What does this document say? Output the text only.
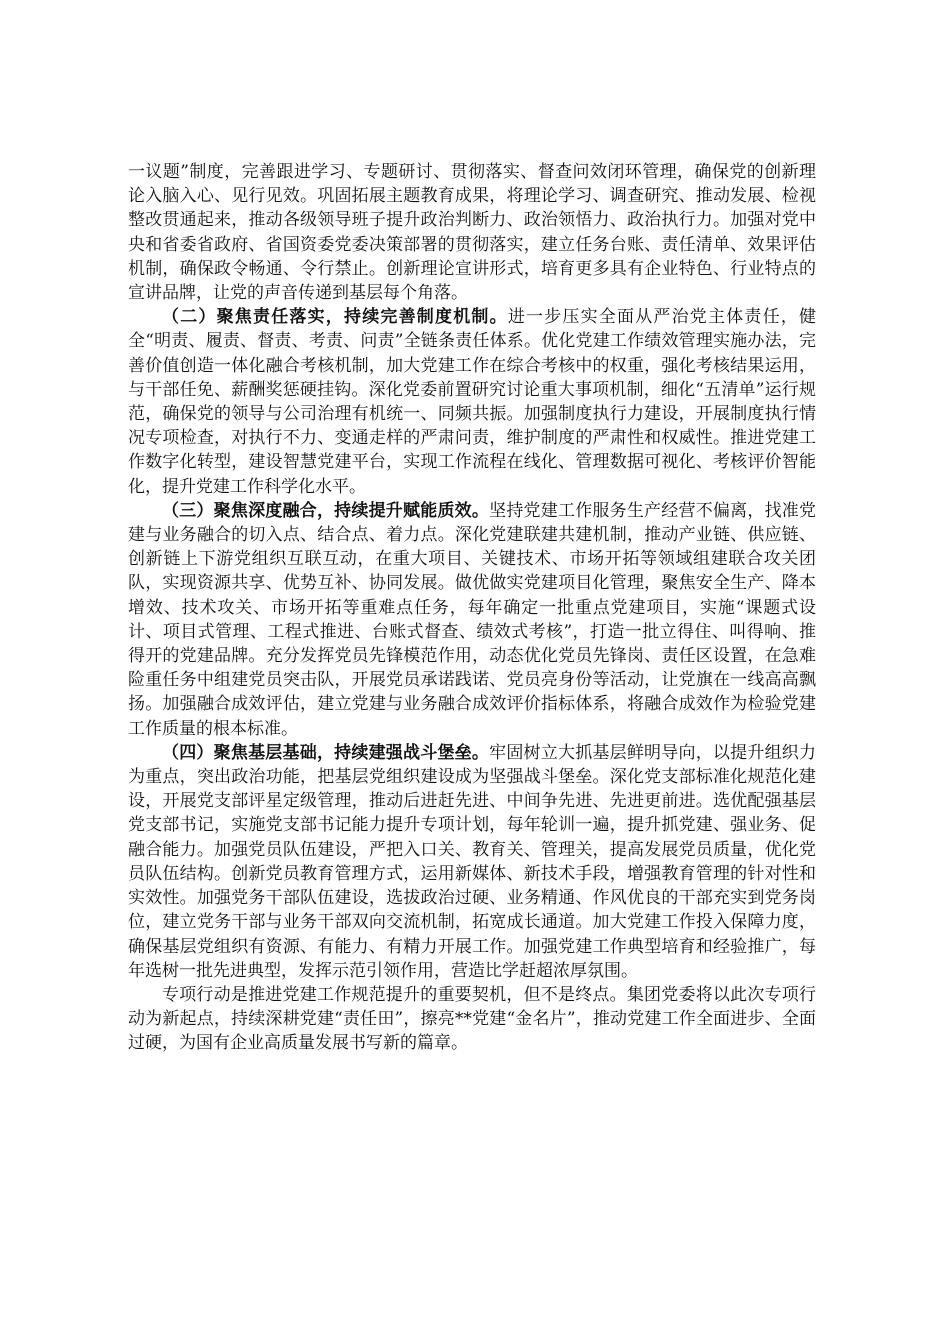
一议题”制度，完善跟进学习、专题研讨、贯彻落实、督查问效闭环管理，确保党的创新理论入脑入心、见行见效。巩固拓展主题教育成果，将理论学习、调查研究、推动发展、检视整改贯通起来，推动各级领导班子提升政治判断力、政治领悟力、政治执行力。加强对党中央和省委省政府、省国资委党委决策部署的贯彻落实，建立任务台账、责任清单、效果评估机制，确保政令畅通、令行禁止。创新理论宣讲形式，培育更多具有企业特色、行业特点的宣讲品牌，让党的声音传递到基层每个角落。

（二）聚焦责任落实，持续完善制度机制。进一步压实全面从严治党主体责任，健全“明责、履责、督责、考责、问责”全链条责任体系。优化党建工作绩效管理实施办法，完善价值创造一体化融合考核机制，加大党建工作在综合考核中的权重，强化考核结果运用，与干部任免、薪酬奖惩硬挂钩。深化党委前置研究讨论重大事项机制，细化“五清单”运行规范，确保党的领导与公司治理有机统一、同频共振。加强制度执行力建设，开展制度执行情况专项检查，对执行不力、变通走样的严肃问责，维护制度的严肃性和权威性。推进党建工作数字化转型，建设智慧党建平台，实现工作流程在线化、管理数据可视化、考核评价智能化，提升党建工作科学化水平。

（三）聚焦深度融合，持续提升赋能质效。坚持党建工作服务生产经营不偏离，找准党建与业务融合的切入点、结合点、着力点。深化党建联建共建机制，推动产业链、供应链、创新链上下游党组织互联互动，在重大项目、关键技术、市场开拓等领域组建联合攻关团队，实现资源共享、优势互补、协同发展。做优做实党建项目化管理，聚焦安全生产、降本增效、技术攻关、市场开拓等重难点任务，每年确定一批重点党建项目，实施“课题式设计、项目式管理、工程式推进、台账式督查、绩效式考核”，打造一批立得住、叫得响、推得开的党建品牌。充分发挥党员先锋模范作用，动态优化党员先锋岗、责任区设置，在急难险重任务中组建党员突击队，开展党员承诺践诺、党员亮身份等活动，让党旗在一线高高飘扬。加强融合成效评估，建立党建与业务融合成效评价指标体系，将融合成效作为检验党建工作质量的根本标准。

（四）聚焦基层基础，持续建强战斗堡垒。牢固树立大抓基层鲜明导向，以提升组织力为重点，突出政治功能，把基层党组织建设成为坚强战斗堡垒。深化党支部标准化规范化建设，开展党支部评星定级管理，推动后进赶先进、中间争先进、先进更前进。选优配强基层党支部书记，实施党支部书记能力提升专项计划，每年轮训一遍，提升抓党建、强业务、促融合能力。加强党员队伍建设，严把入口关、教育关、管理关，提高发展党员质量，优化党员队伍结构。创新党员教育管理方式，运用新媒体、新技术手段，增强教育管理的针对性和实效性。加强党务干部队伍建设，选拔政治过硬、业务精通、作风优良的干部充实到党务岗位，建立党务干部与业务干部双向交流机制，拓宽成长通道。加大党建工作投入保障力度，确保基层党组织有资源、有能力、有精力开展工作。加强党建工作典型培育和经验推广，每年选树一批先进典型，发挥示范引领作用，营造比学赶超浓厚氛围。

专项行动是推进党建工作规范提升的重要契机，但不是终点。集团党委将以此次专项行动为新起点，持续深耕党建“责任田”，擦亮**党建“金名片”，推动党建工作全面进步、全面过硬，为国有企业高质量发展书写新的篇章。
